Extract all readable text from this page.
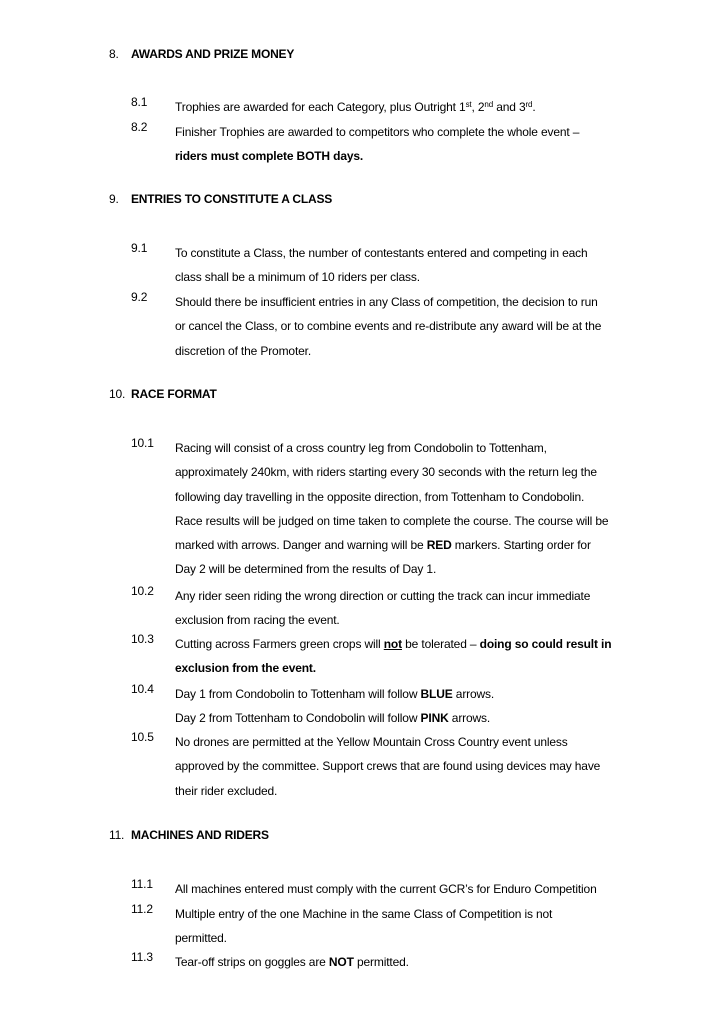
8. AWARDS AND PRIZE MONEY
8.1 Trophies are awarded for each Category, plus Outright 1st, 2nd and 3rd.
8.2 Finisher Trophies are awarded to competitors who complete the whole event –
riders must complete BOTH days.
9. ENTRIES TO CONSTITUTE A CLASS
9.1 To constitute a Class, the number of contestants entered and competing in each
class shall be a minimum of 10 riders per class.
9.2 Should there be insufficient entries in any Class of competition, the decision to run
or cancel the Class, or to combine events and re-distribute any award will be at the
discretion of the Promoter.
10. RACE FORMAT
10.1 Racing will consist of a cross country leg from Condobolin to Tottenham,
approximately 240km, with riders starting every 30 seconds with the return leg the
following day travelling in the opposite direction, from Tottenham to Condobolin.
Race results will be judged on time taken to complete the course. The course will be
marked with arrows. Danger and warning will be RED markers. Starting order for
Day 2 will be determined from the results of Day 1.
10.2 Any rider seen riding the wrong direction or cutting the track can incur immediate
exclusion from racing the event.
10.3 Cutting across Farmers green crops will not be tolerated – doing so could result in
exclusion from the event.
10.4 Day 1 from Condobolin to Tottenham will follow BLUE arrows.
Day 2 from Tottenham to Condobolin will follow PINK arrows.
10.5 No drones are permitted at the Yellow Mountain Cross Country event unless
approved by the committee. Support crews that are found using devices may have
their rider excluded.
11. MACHINES AND RIDERS
11.1 All machines entered must comply with the current GCR’s for Enduro Competition
11.2 Multiple entry of the one Machine in the same Class of Competition is not
permitted.
11.3 Tear-off strips on goggles are NOT permitted.
